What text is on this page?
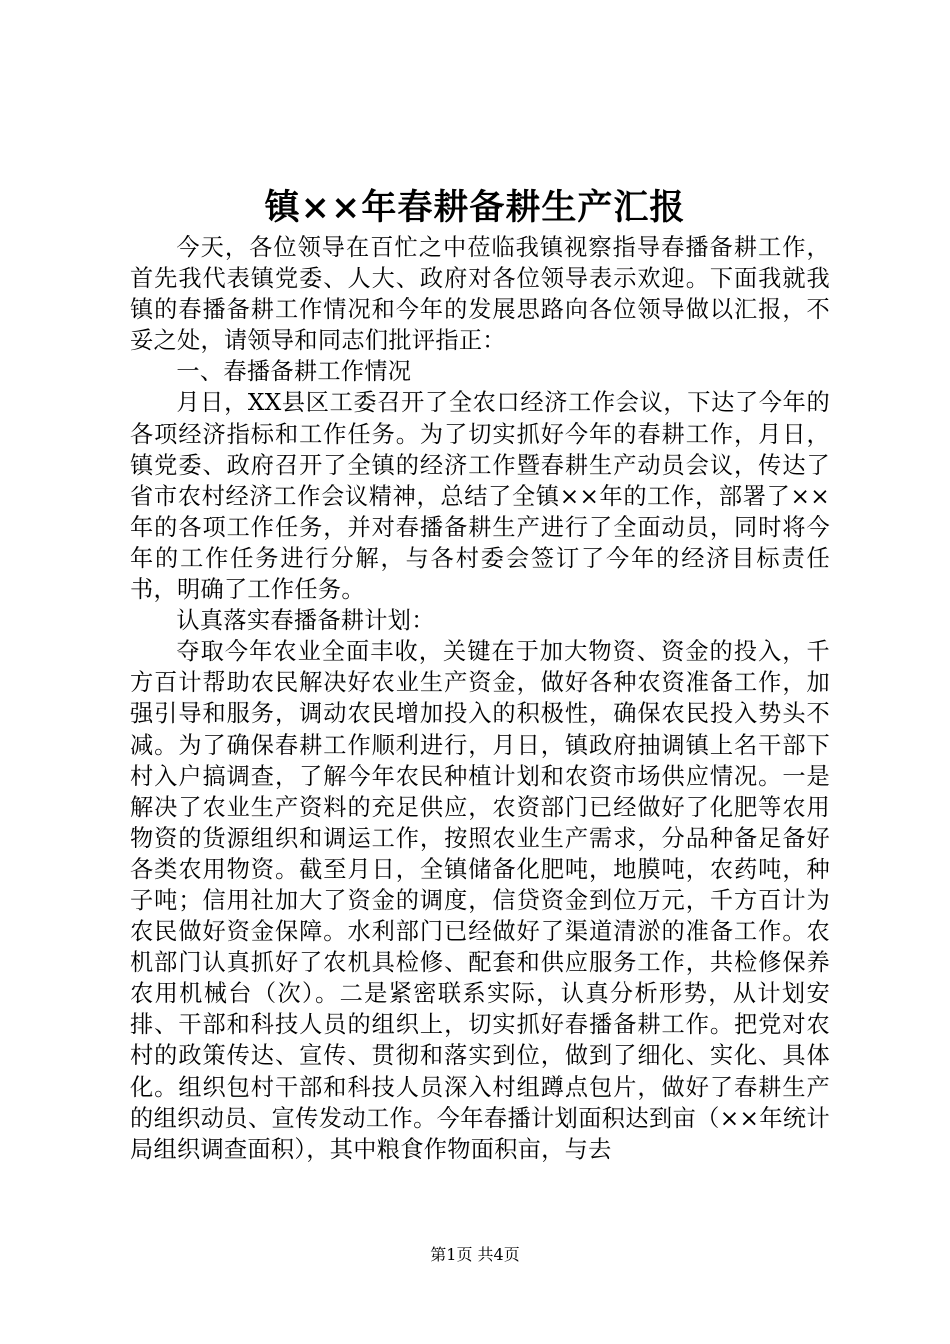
镇××年春耕备耕生产汇报

今天，各位领导在百忙之中莅临我镇视察指导春播备耕工作，首先我代表镇党委、人大、政府对各位领导表示欢迎。下面我就我镇的春播备耕工作情况和今年的发展思路向各位领导做以汇报，不妥之处，请领导和同志们批评指正：

一、春播备耕工作情况

月日，XX县区工委召开了全农口经济工作会议，下达了今年的各项经济指标和工作任务。为了切实抓好今年的春耕工作，月日，镇党委、政府召开了全镇的经济工作暨春耕生产动员会议，传达了省市农村经济工作会议精神，总结了全镇××年的工作，部署了××年的各项工作任务，并对春播备耕生产进行了全面动员，同时将今年的工作任务进行分解，与各村委会签订了今年的经济目标责任书，明确了工作任务。

认真落实春播备耕计划：

夺取今年农业全面丰收，关键在于加大物资、资金的投入，千方百计帮助农民解决好农业生产资金，做好各种农资准备工作，加强引导和服务，调动农民增加投入的积极性，确保农民投入势头不减。为了确保春耕工作顺利进行，月日，镇政府抽调镇上名干部下村入户搞调查，了解今年农民种植计划和农资市场供应情况。一是解决了农业生产资料的充足供应，农资部门已经做好了化肥等农用物资的货源组织和调运工作，按照农业生产需求，分品种备足备好各类农用物资。截至月日，全镇储备化肥吨，地膜吨，农药吨，种子吨；信用社加大了资金的调度，信贷资金到位万元，千方百计为农民做好资金保障。水利部门已经做好了渠道清淤的准备工作。农机部门认真抓好了农机具检修、配套和供应服务工作，共检修保养农用机械台（次）。二是紧密联系实际，认真分析形势，从计划安排、干部和科技人员的组织上，切实抓好春播备耕工作。把党对农村的政策传达、宣传、贯彻和落实到位，做到了细化、实化、具体化。组织包村干部和科技人员深入村组蹲点包片，做好了春耕生产的组织动员、宣传发动工作。今年春播计划面积达到亩（××年统计局组织调查面积），其中粮食作物面积亩，与去

第1页 共4页
